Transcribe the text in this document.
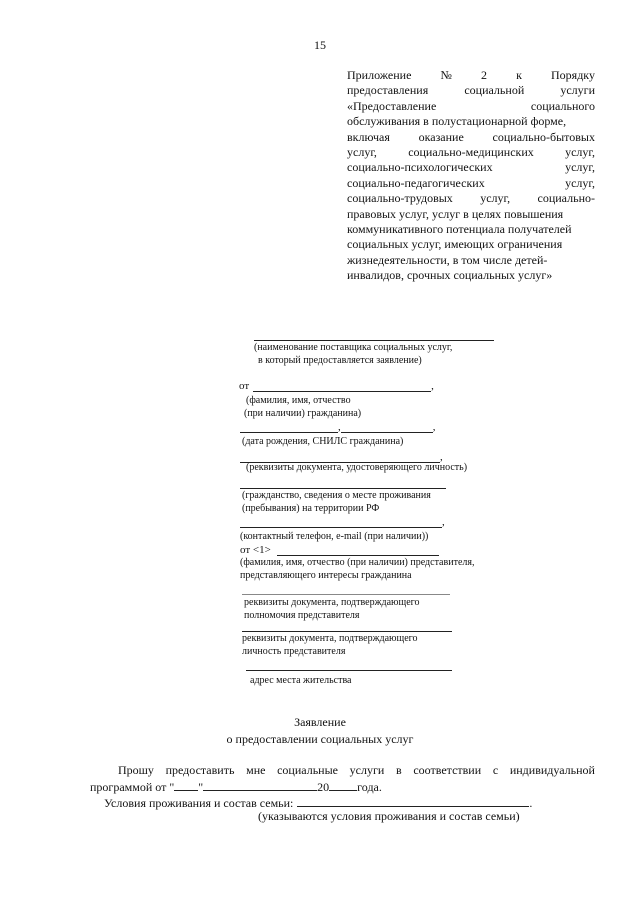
15
Приложение № 2 к Порядку
предоставления	социальной	услуги
«Предоставление	социального
обслуживания в полустационарной форме,
включая оказание социально-бытовых
услуг,	социально-медицинских	услуг,
социально-психологических	услуг,
социально-педагогических	услуг,
социально-трудовых услуг, социально-
правовых услуг, услуг в целях повышения
коммуникативного потенциала получателей
социальных услуг, имеющих ограничения
жизнедеятельности, в том числе детей-
инвалидов, срочных социальных услуг»
(наименование поставщика социальных услуг,
в который предоставляется заявление)
от	,
(фамилия, имя, отчество
(при наличии) гражданина)
,	,
(дата рождения, СНИЛС гражданина)
,
(реквизиты документа, удостоверяющего личность)
(гражданство, сведения о месте проживания
(пребывания) на территории РФ
,
(контактный телефон, e-mail (при наличии))
от <1>
(фамилия, имя, отчество (при наличии) представителя,
представляющего интересы гражданина
реквизиты документа, подтверждающего
полномочия представителя
реквизиты документа, подтверждающего
личность представителя
адрес места жительства
Заявление
о предоставлении социальных услуг
Прошу предоставить мне социальные услуги в соответствии с индивидуальной
программой от " "	20 года.
Условия проживания и состав семьи:	.
(указываются условия проживания и состав семьи)
